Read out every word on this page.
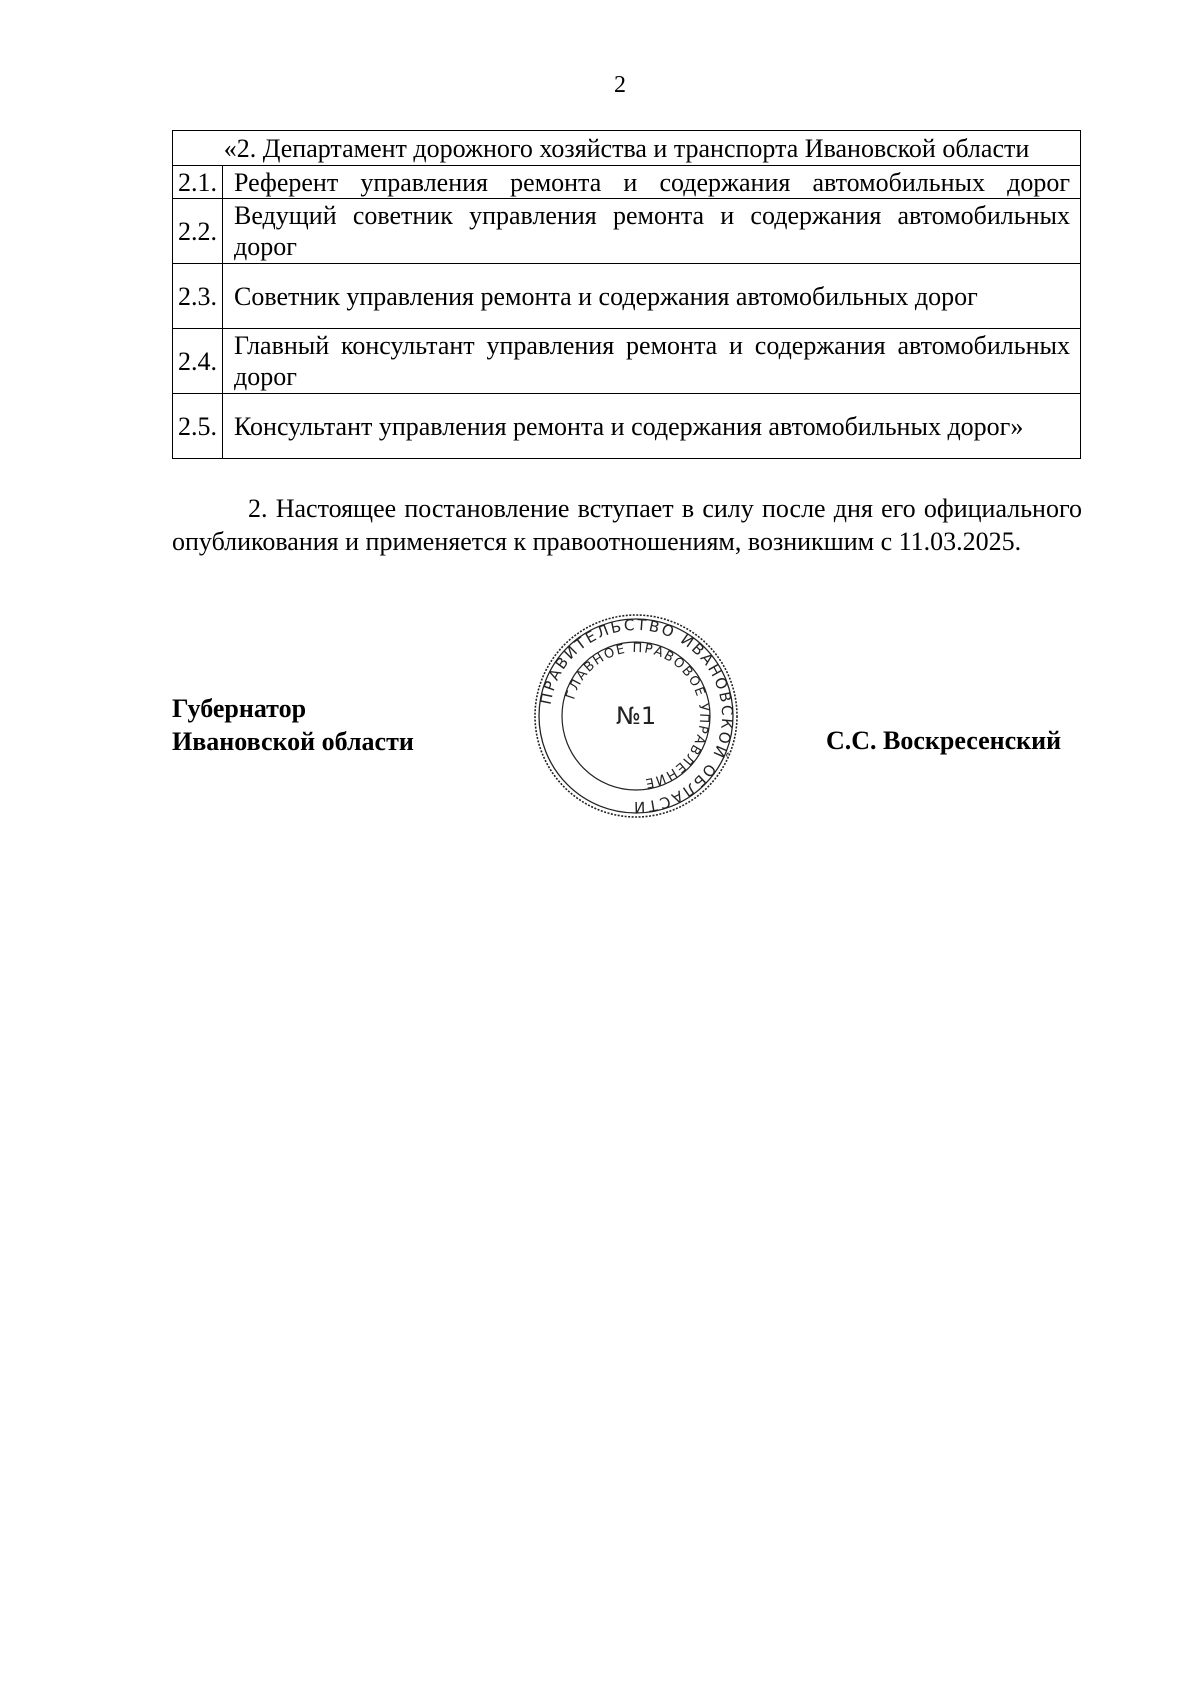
2
«2. Департамент дорожного хозяйства и транспорта Ивановской области	
2.1.	Референт управления ремонта и содержания автомобильных дорог
2.2.	Ведущий советник управления ремонта и содержания автомобильных дорог
2.3.	Советник управления ремонта и содержания автомобильных дорог
2.4.	Главный консультант управления ремонта и содержания автомобильных дорог
2.5.	Консультант управления ремонта и содержания автомобильных дорог»

2. Настоящее постановление вступает в силу после дня его официального опубликования и применяется к правоотношениям, возникшим с 11.03.2025.

Губернатор
Ивановской области	С.С. Воскресенский
ПРАВИТЕЛЬСТВО ИВАНОВСКОЙ ОБЛАСТИ
ГЛАВНОЕ ПРАВОВОЕ УПРАВЛЕНИЕ
№1
